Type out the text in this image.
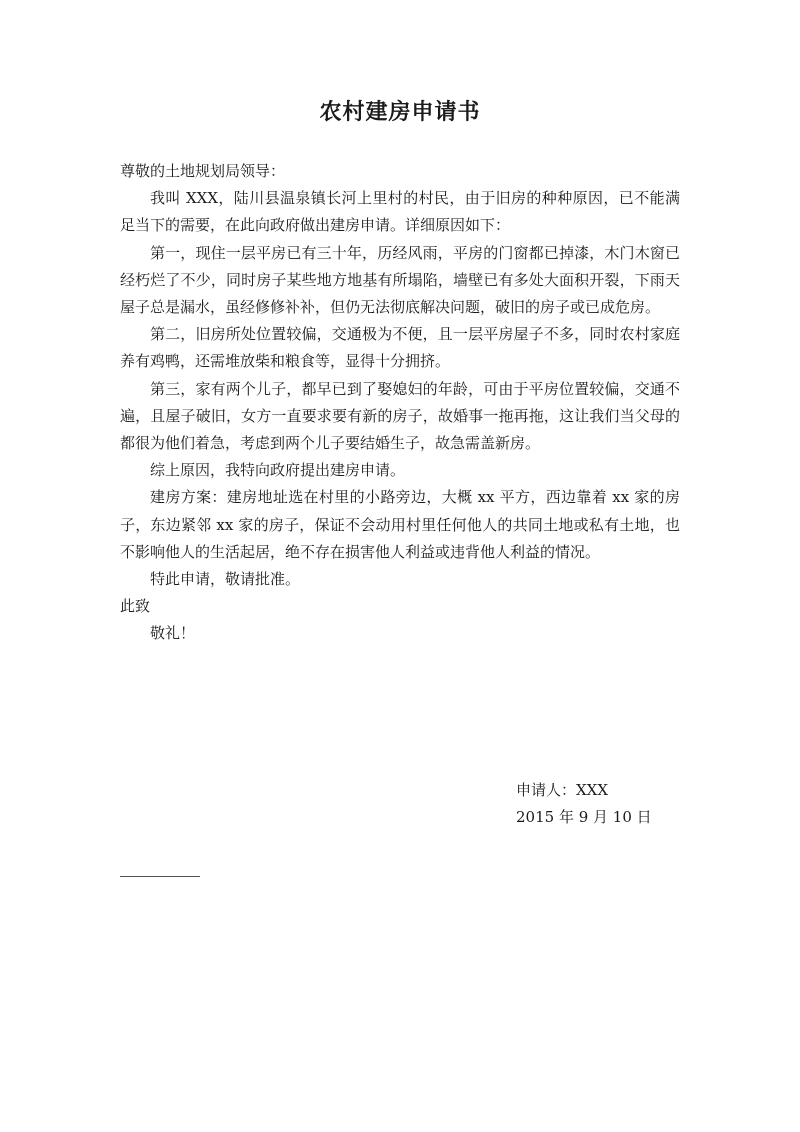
农村建房申请书

尊敬的土地规划局领导：

我叫 XXX，陆川县温泉镇长河上里村的村民，由于旧房的种种原因，已不能满足当下的需要，在此向政府做出建房申请。详细原因如下：

第一，现住一层平房已有三十年，历经风雨，平房的门窗都已掉漆，木门木窗已经朽烂了不少，同时房子某些地方地基有所塌陷，墙壁已有多处大面积开裂，下雨天屋子总是漏水，虽经修修补补，但仍无法彻底解决问题，破旧的房子或已成危房。

第二，旧房所处位置较偏，交通极为不便，且一层平房屋子不多，同时农村家庭养有鸡鸭，还需堆放柴和粮食等，显得十分拥挤。

第三，家有两个儿子，都早已到了娶媳妇的年龄，可由于平房位置较偏，交通不遍，且屋子破旧，女方一直要求要有新的房子，故婚事一拖再拖，这让我们当父母的都很为他们着急，考虑到两个儿子要结婚生子，故急需盖新房。

综上原因，我特向政府提出建房申请。

建房方案：建房地址选在村里的小路旁边，大概 xx 平方，西边靠着 xx 家的房子，东边紧邻 xx 家的房子，保证不会动用村里任何他人的共同土地或私有土地，也不影响他人的生活起居，绝不存在损害他人利益或违背他人利益的情况。

特此申请，敬请批准。

此致

敬礼！

申请人：XXX
2015 年 9 月 10 日
